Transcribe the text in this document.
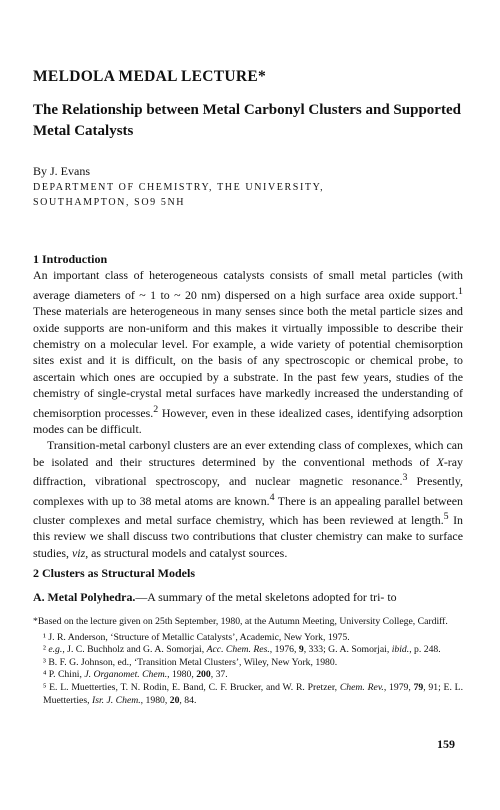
MELDOLA MEDAL LECTURE*
The Relationship between Metal Carbonyl Clusters and Supported Metal Catalysts
By J. Evans
DEPARTMENT OF CHEMISTRY, THE UNIVERSITY,
SOUTHAMPTON, SO9 5NH
1 Introduction

An important class of heterogeneous catalysts consists of small metal particles (with average diameters of ~ 1 to ~ 20 nm) dispersed on a high surface area oxide support.$^1$ These materials are heterogeneous in many senses since both the metal particle sizes and oxide supports are non-uniform and this makes it virtually impossible to describe their chemistry on a molecular level. For example, a wide variety of potential chemisorption sites exist and it is difficult, on the basis of any spectroscopic or chemical probe, to ascertain which ones are occupied by a substrate. In the past few years, studies of the chemistry of single-crystal metal surfaces have markedly increased the understanding of chemisorption processes.$^2$ However, even in these idealized cases, identifying adsorption modes can be difficult.

Transition-metal carbonyl clusters are an ever extending class of complexes, which can be isolated and their structures determined by the conventional methods of X-ray diffraction, vibrational spectroscopy, and nuclear magnetic resonance.$^3$ Presently, complexes with up to 38 metal atoms are known.$^4$ There is an appealing parallel between cluster complexes and metal surface chemistry, which has been reviewed at length.$^5$ In this review we shall discuss two contributions that cluster chemistry can make to surface studies, viz, as structural models and catalyst sources.

2 Clusters as Structural Models
A. Metal Polyhedra.—A summary of the metal skeletons adopted for tri- to

*Based on the lecture given on 25th September, 1980, at the Autumn Meeting, University College, Cardiff.

¹ J. R. Anderson, ‘Structure of Metallic Catalysts’, Academic, New York, 1975.

² e.g., J. C. Buchholz and G. A. Somorjai, Acc. Chem. Res., 1976, 9, 333; G. A. Somorjai, ibid., p. 248.

³ B. F. G. Johnson, ed., ‘Transition Metal Clusters’, Wiley, New York, 1980.

⁴ P. Chini, J. Organomet. Chem., 1980, 200, 37.

⁵ E. L. Muetterties, T. N. Rodin, E. Band, C. F. Brucker, and W. R. Pretzer, Chem. Rev., 1979, 79, 91; E. L. Muetterties, Isr. J. Chem., 1980, 20, 84.

159
